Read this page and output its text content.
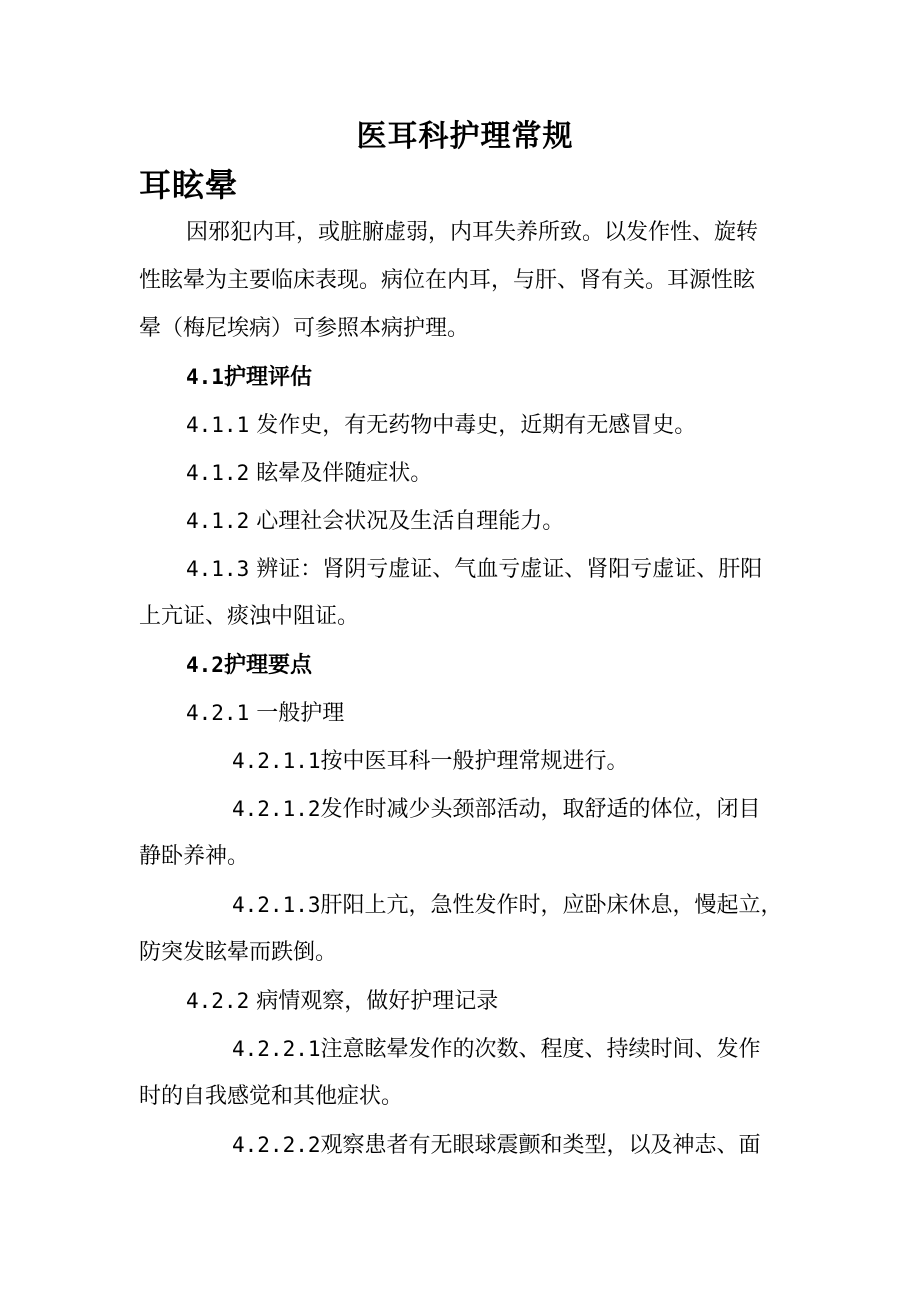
医耳科护理常规
耳眩晕
因邪犯内耳，或脏腑虚弱，内耳失养所致。以发作性、旋转
性眩晕为主要临床表现。病位在内耳，与肝、肾有关。耳源性眩
晕（梅尼埃病）可参照本病护理。
4.1护理评估
4.1.1 发作史，有无药物中毒史，近期有无感冒史。
4.1.2 眩晕及伴随症状。
4.1.2 心理社会状况及生活自理能力。
4.1.3 辨证：肾阴亏虚证、气血亏虚证、肾阳亏虚证、肝阳
上亢证、痰浊中阻证。
4.2护理要点
4.2.1 一般护理
4.2.1.1按中医耳科一般护理常规进行。
4.2.1.2发作时减少头颈部活动，取舒适的体位，闭目
静卧养神。
4.2.1.3肝阳上亢，急性发作时，应卧床休息，慢起立，
防突发眩晕而跌倒。
4.2.2 病情观察，做好护理记录
4.2.2.1注意眩晕发作的次数、程度、持续时间、发作
时的自我感觉和其他症状。
4.2.2.2观察患者有无眼球震颤和类型，以及神志、面
